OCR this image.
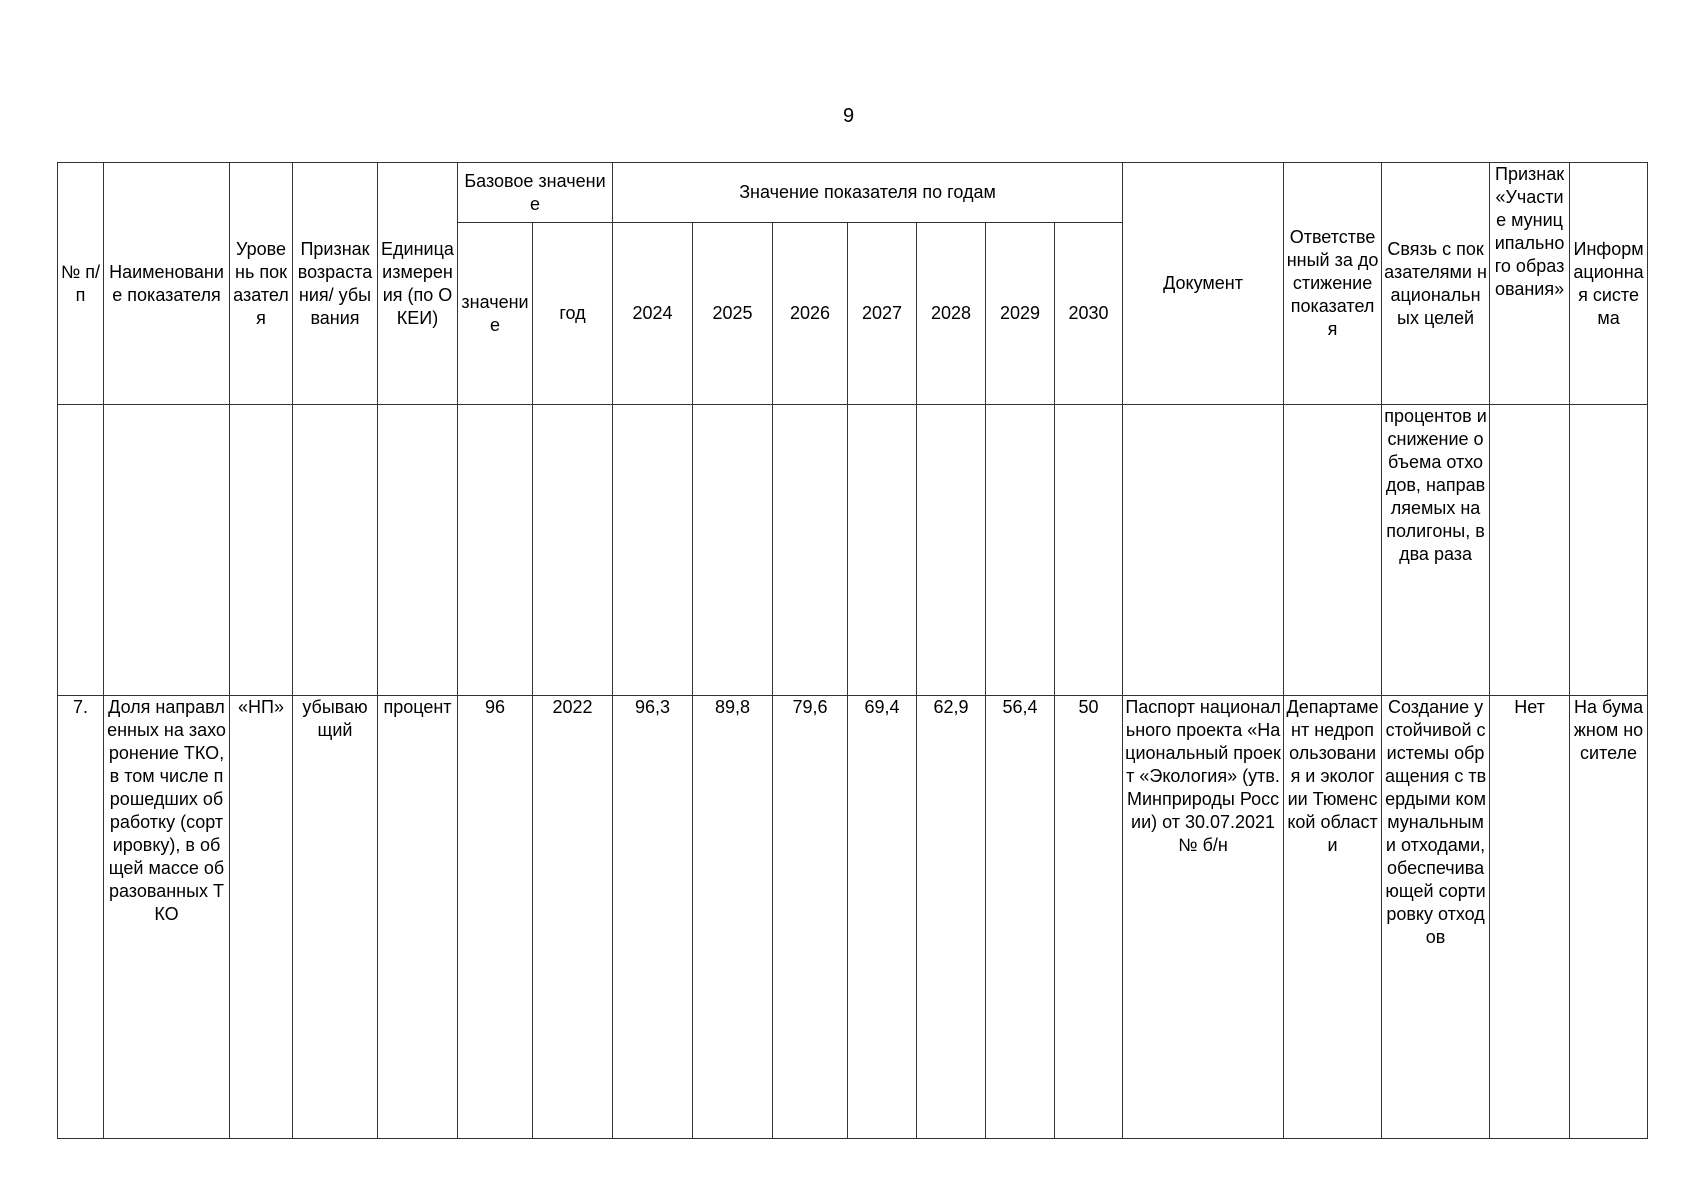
9
№ п/п	Наименование показателя	Уровень показателя	Признак возрастания/ убывания	Единица измерения (по ОКЕИ)	Базовое значение		Значение показателя по годам							Документ	Ответственный за достижение показателя	Связь с показателями национальных целей	Признак «Участие муниципального образования»	Информационная система
					значение	год	2024	2025	2026	2027	2028	2029	2030					
																процентов и снижение объема отходов, направляемых на полигоны, в два раза		
7.	Доля направленных на захоронение ТКО, в том числе прошедших обработку (сортировку), в общей массе образованных ТКО	«НП»	убывающий	процент	96	2022	96,3	89,8	79,6	69,4	62,9	56,4	50	Паспорт национального проекта «Национальный проект «Экология» (утв. Минприроды России) от 30.07.2021 № б/н	Департамент недропользования и экологии Тюменской области	Создание устойчивой системы обращения с твердыми коммунальными отходами, обеспечивающей сортировку отходов	Нет	На бумажном носителе
